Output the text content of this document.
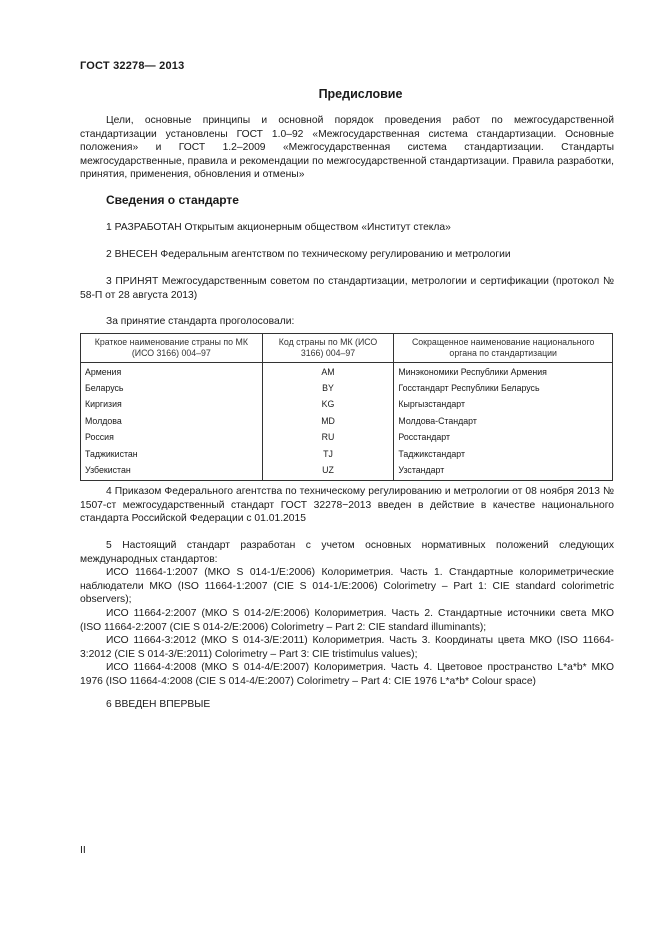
ГОСТ 32278— 2013
Предисловие
Цели, основные принципы и основной порядок проведения работ по межгосударственной стандартизации установлены ГОСТ 1.0–92 «Межгосударственная система стандартизации. Основные положения» и ГОСТ 1.2–2009 «Межгосударственная система стандартизации. Стандарты межгосударственные, правила и рекомендации по межгосударственной стандартизации. Правила разработки, принятия, применения, обновления и отмены»
Сведения о стандарте
1 РАЗРАБОТАН Открытым акционерным обществом «Институт стекла»
2 ВНЕСЕН Федеральным агентством по техническому регулированию и метрологии
3 ПРИНЯТ Межгосударственным советом по стандартизации, метрологии и сертификации (протокол № 58-П от 28 августа 2013)
За принятие стандарта проголосовали:
Краткое наименование страны по МК (ИСО 3166) 004–97	Код страны по МК (ИСО 3166) 004–97	Сокращенное наименование национального органа по стандартизации
Армения	AM	Минэкономики Республики Армения
Беларусь	BY	Госстандарт Республики Беларусь
Киргизия	KG	Кыргызстандарт
Молдова	MD	Молдова-Стандарт
Россия	RU	Росстандарт
Таджикистан	TJ	Таджикстандарт
Узбекистан	UZ	Узстандарт
4 Приказом Федерального агентства по техническому регулированию и метрологии от 08 ноября 2013 № 1507-ст межгосударственный стандарт ГОСТ 32278−2013 введен в действие в качестве национального стандарта Российской Федерации с 01.01.2015
5 Настоящий стандарт разработан с учетом основных нормативных положений следующих международных стандартов:
ИСО 11664-1:2007 (МКО S 014-1/E:2006) Колориметрия. Часть 1. Стандартные колориметрические наблюдатели МКО (ISO 11664-1:2007 (CIE S 014-1/E:2006) Colorimetry – Part 1: CIE standard colorimetric observers);
ИСО 11664-2:2007 (МКО S 014-2/E:2006) Колориметрия. Часть 2. Стандартные источники света МКО (ISO 11664-2:2007 (CIE S 014-2/E:2006) Colorimetry – Part 2: CIE standard illuminants);
ИСО 11664-3:2012 (МКО S 014-3/E:2011) Колориметрия. Часть 3. Координаты цвета МКО (ISO 11664-3:2012 (CIE S 014-3/E:2011) Colorimetry – Part 3: CIE tristimulus values);
ИСО 11664-4:2008 (МКО S 014-4/E:2007) Колориметрия. Часть 4. Цветовое пространство L*a*b* МКО 1976 (ISO 11664-4:2008 (CIE S 014-4/E:2007) Colorimetry – Part 4: CIE 1976 L*a*b* Colour space)
6 ВВЕДЕН ВПЕРВЫЕ
II
